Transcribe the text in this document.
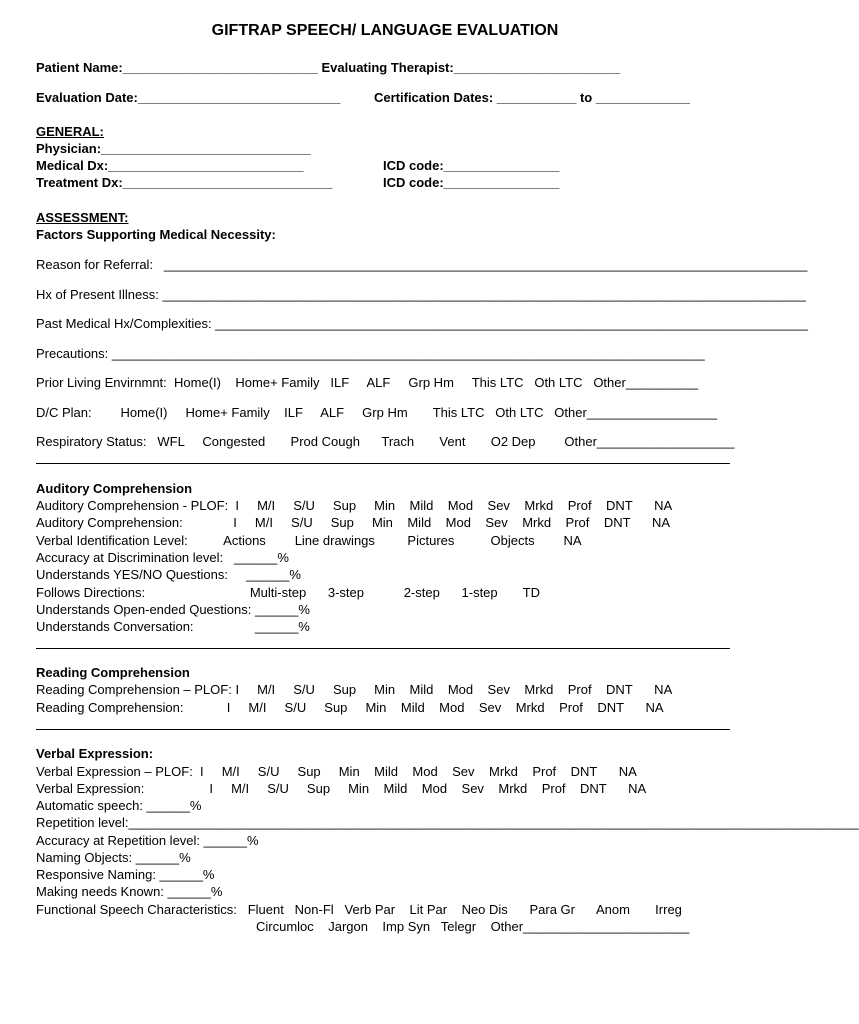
GIFTRAP SPEECH/ LANGUAGE EVALUATION
Patient Name:___________________________ Evaluating Therapist:_______________________
Evaluation Date:____________________________	Certification Dates: ___________ to _____________
GENERAL:
Physician:_____________________________
Medical Dx:___________________________
Treatment Dx:_____________________________
ICD code:________________
ICD code:________________
ASSESSMENT:
Factors Supporting Medical Necessity:
Reason for Referral:   _________________________________________________________________________________________
Hx of Present Illness: _________________________________________________________________________________________
Past Medical Hx/Complexities: __________________________________________________________________________________
Precautions: __________________________________________________________________________________
Prior Living Envirnmnt:  Home(I)    Home+ Family   ILF     ALF     Grp Hm     This LTC   Oth LTC   Other__________
D/C Plan:        Home(I)     Home+ Family    ILF     ALF     Grp Hm       This LTC   Oth LTC   Other__________________
Respiratory Status:   WFL     Congested       Prod Cough      Trach       Vent       O2 Dep        Other___________________
Auditory Comprehension
Auditory Comprehension - PLOF:  I     M/I     S/U     Sup     Min    Mild    Mod    Sev    Mrkd    Prof    DNT      NA
Auditory Comprehension:              I     M/I     S/U     Sup     Min    Mild    Mod    Sev    Mrkd    Prof    DNT      NA
Verbal Identification Level:          Actions        Line drawings         Pictures          Objects        NA
Accuracy at Discrimination level:   ______%
Understands YES/NO Questions:     ______%
Follows Directions:                             Multi-step      3-step           2-step      1-step       TD
Understands Open-ended Questions: ______%
Understands Conversation:                 ______%
Reading Comprehension
Reading Comprehension – PLOF: I     M/I     S/U     Sup     Min    Mild    Mod    Sev    Mrkd    Prof    DNT      NA
Reading Comprehension:            I     M/I     S/U     Sup     Min    Mild    Mod    Sev    Mrkd    Prof    DNT      NA
Verbal Expression:
Verbal Expression – PLOF:  I     M/I     S/U     Sup     Min    Mild    Mod    Sev    Mrkd    Prof    DNT      NA
Verbal Expression:                  I     M/I     S/U     Sup     Min    Mild    Mod    Sev    Mrkd    Prof    DNT      NA
Automatic speech: ______%
Repetition level:_____________________________________________________________________________________________________
Accuracy at Repetition level: ______%
Naming Objects: ______%
Responsive Naming: ______%
Making needs Known: ______%
Functional Speech Characteristics:   Fluent   Non-Fl   Verb Par    Lit Par    Neo Dis      Para Gr      Anom       Irreg
Circumloc    Jargon    Imp Syn   Telegr    Other_______________________
